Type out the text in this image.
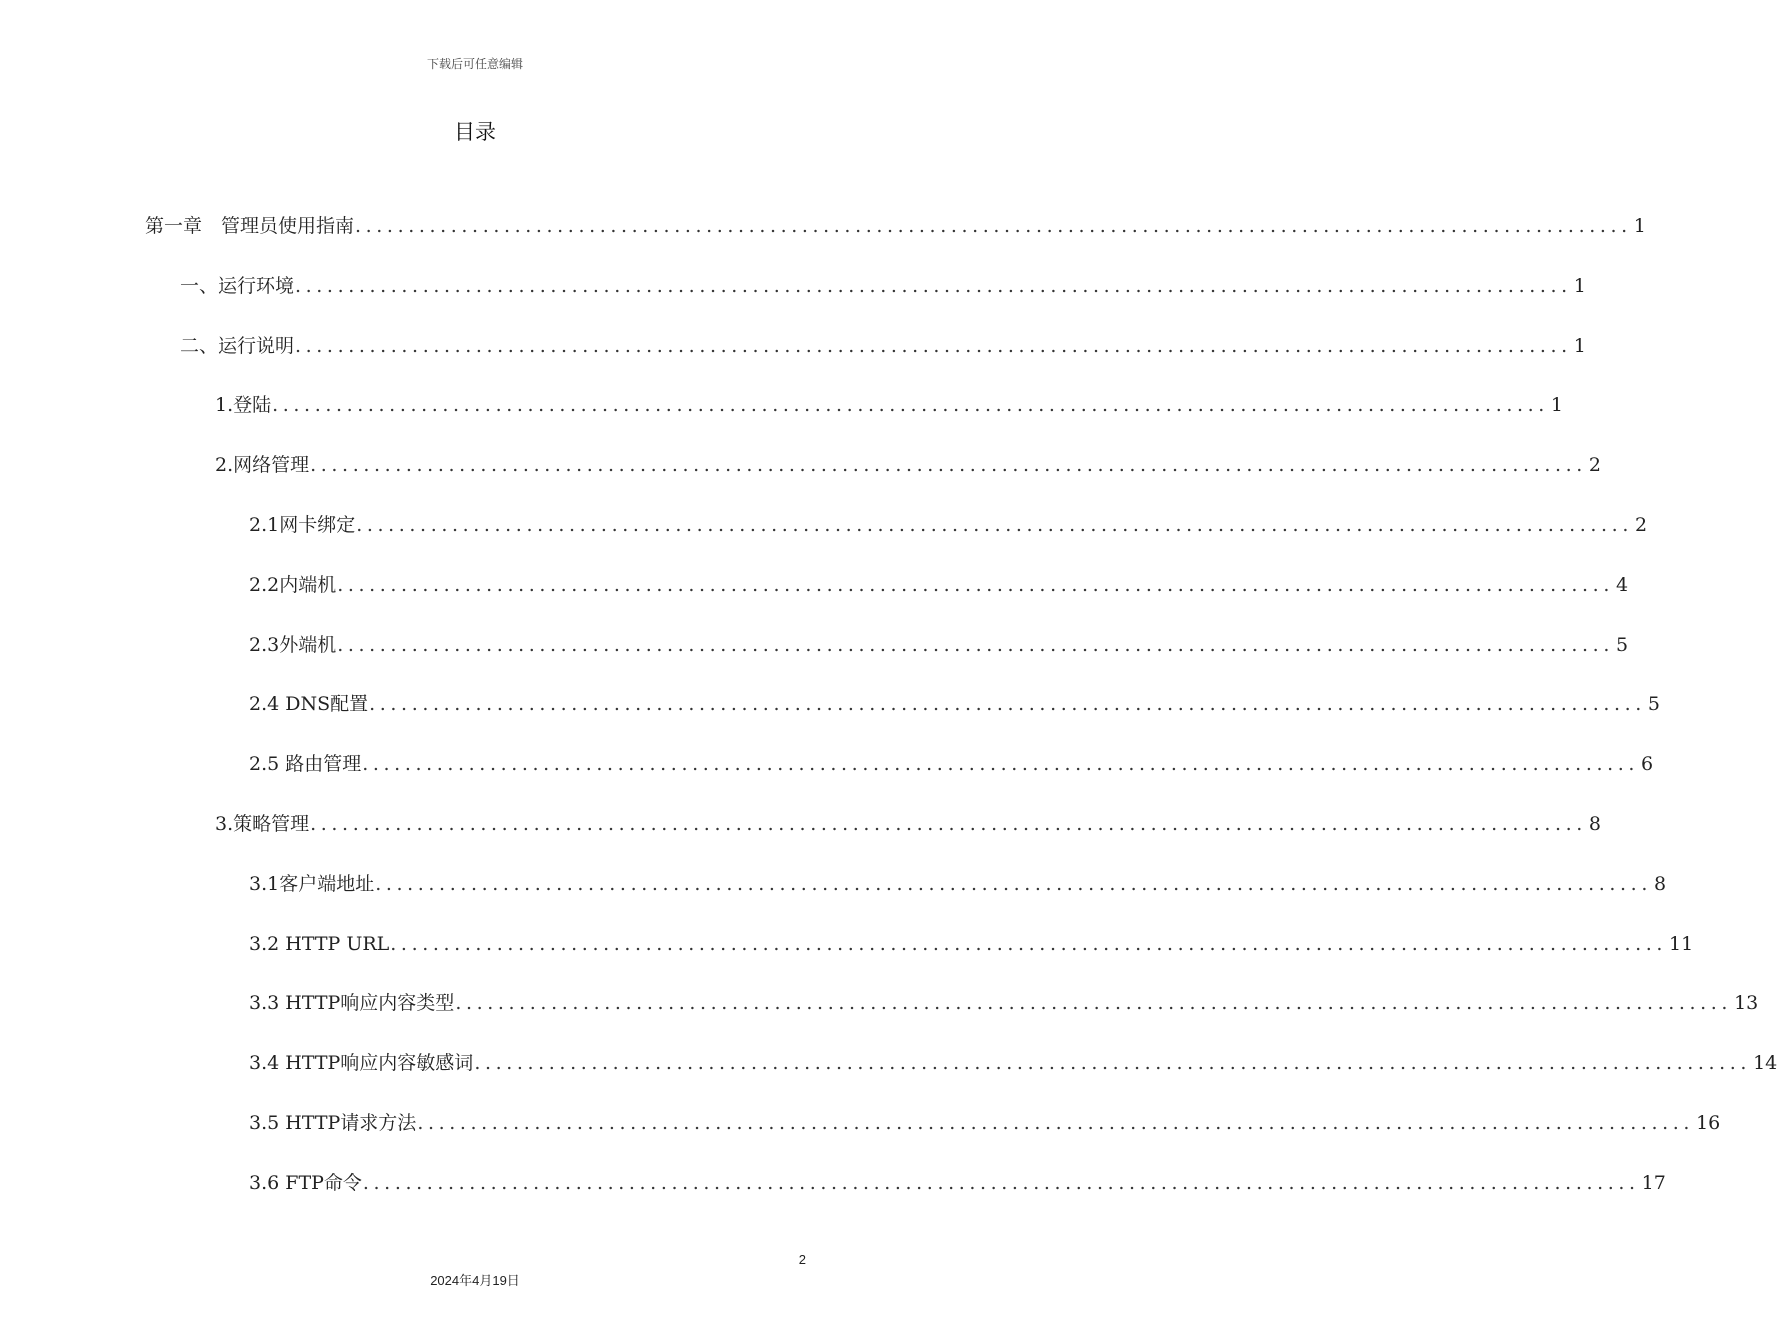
下载后可任意编辑
目录
第一章　管理员使用指南 ........................................................................................................................ 1
一、运行环境 ........................................................................................................................ 1
二、运行说明 ........................................................................................................................ 1
1.登陆 ........................................................................................................................ 1
2.网络管理 ........................................................................................................................ 2
2.1网卡绑定 ........................................................................................................................ 2
2.2内端机 ........................................................................................................................ 4
2.3外端机 ........................................................................................................................ 5
2.4 DNS配置 ........................................................................................................................ 5
2.5 路由管理 ........................................................................................................................ 6
3.策略管理 ........................................................................................................................ 8
3.1客户端地址 ........................................................................................................................ 8
3.2 HTTP URL ........................................................................................................................ 11
3.3 HTTP响应内容类型 ........................................................................................................................ 13
3.4 HTTP响应内容敏感词 ........................................................................................................................ 14
3.5 HTTP请求方法 ........................................................................................................................ 16
3.6 FTP命令 ........................................................................................................................ 17
2
2024年4月19日
